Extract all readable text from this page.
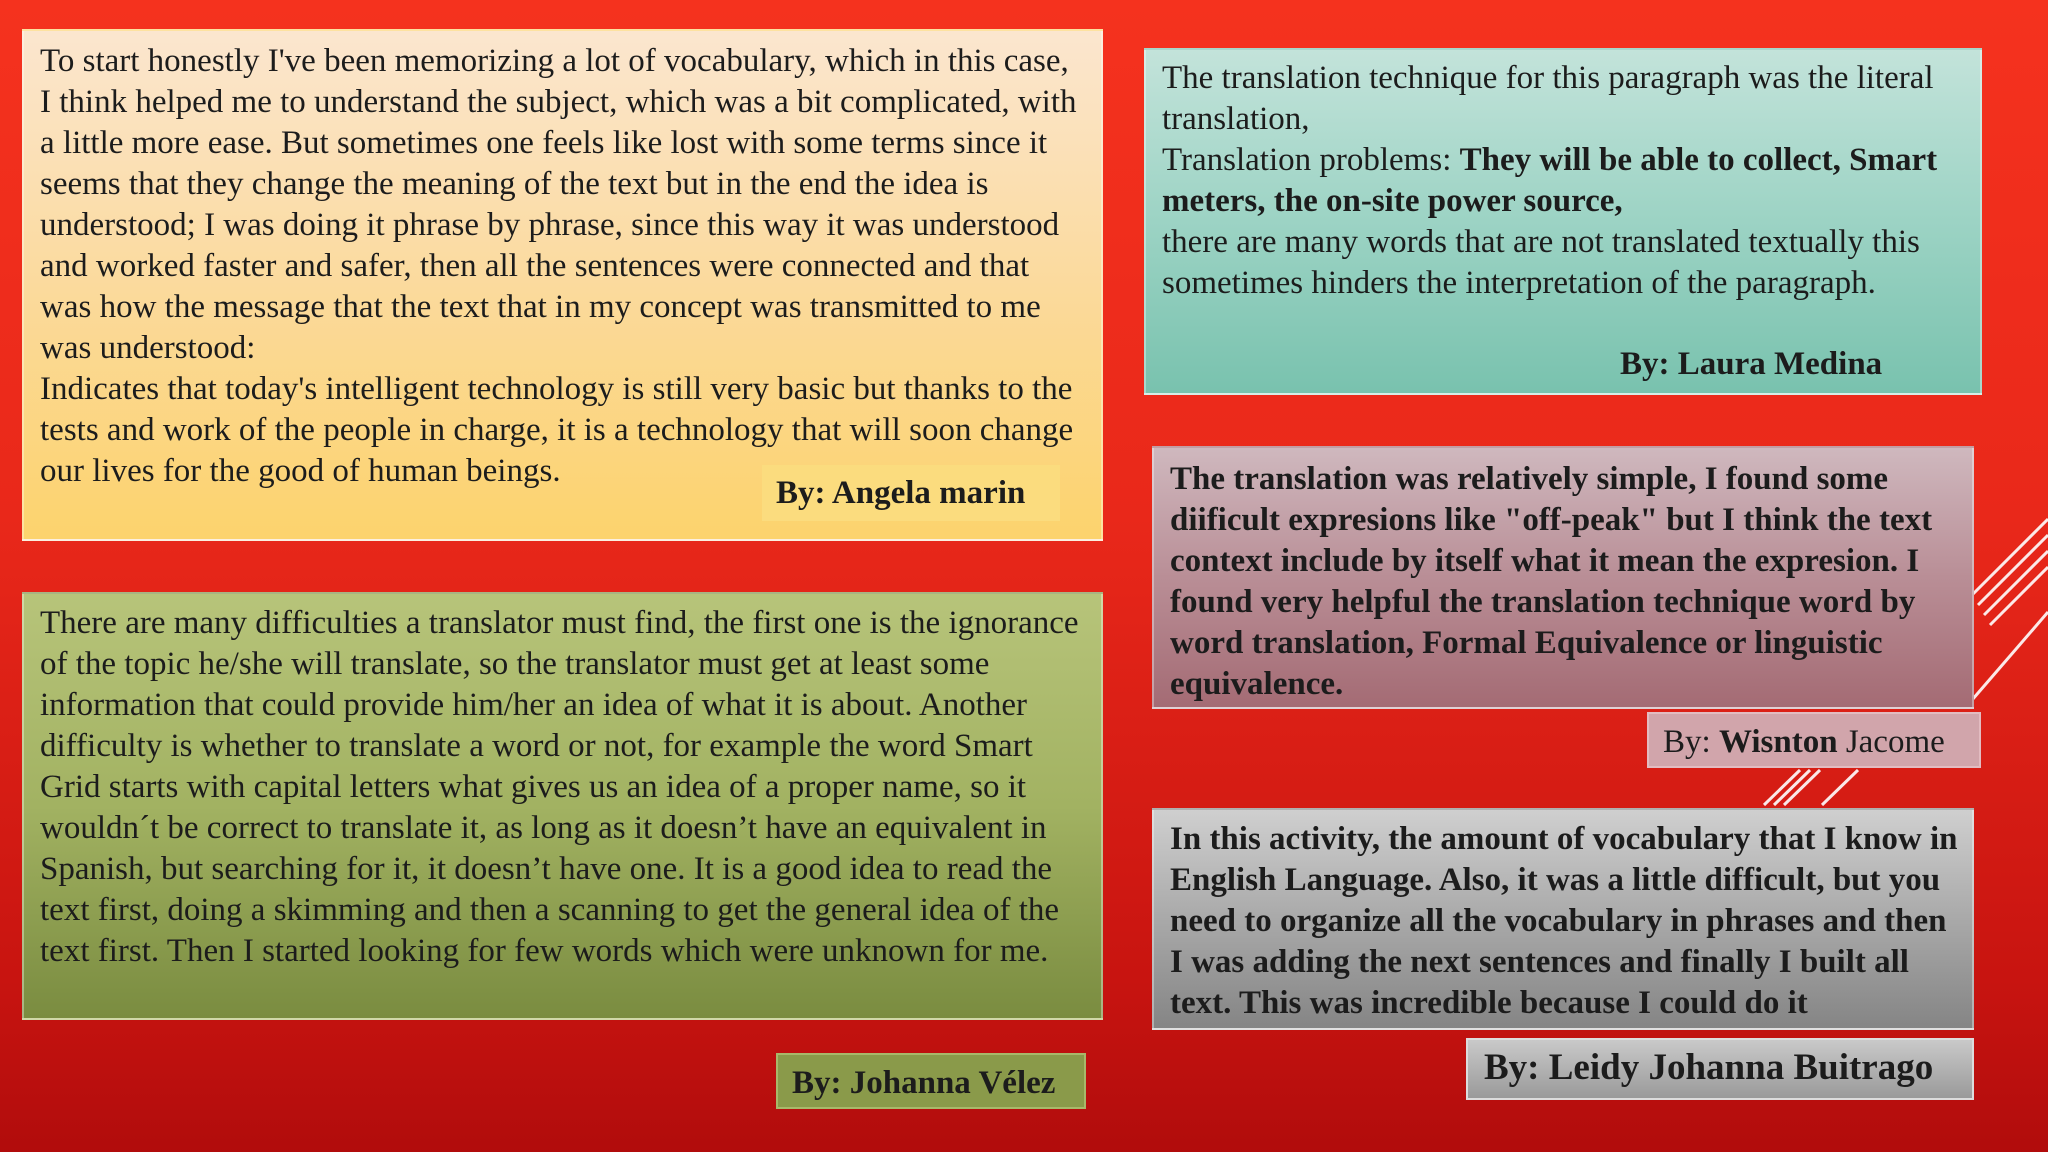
To start honestly I've been memorizing a lot of vocabulary, which in this case, I think helped me to understand the subject, which was a bit complicated, with a little more ease. But sometimes one feels like lost with some terms since it seems that they change the meaning of the text but in the end the idea is understood; I was doing it phrase by phrase, since this way it was understood and worked faster and safer, then all the sentences were connected and that was how the message that the text that in my concept was transmitted to me was understood:

Indicates that today's intelligent technology is still very basic but thanks to the tests and work of the people in charge, it is a technology that will soon change our lives for the good of human beings.

By: Angela marin

The translation technique for this paragraph was the literal translation,

Translation problems: They will be able to collect, Smart meters, the on-site power source,

there are many words that are not translated textually this sometimes hinders the interpretation of the paragraph.

By: Laura Medina

There are many difficulties a translator must find, the first one is the ignorance of the topic he/she will translate, so the translator must get at least some information that could provide him/her an idea of what it is about. Another difficulty is whether to translate a word or not, for example the word Smart Grid starts with capital letters what gives us an idea of a proper name, so it wouldn´t be correct to translate it, as long as it doesn’t have an equivalent in Spanish, but searching for it, it doesn’t have one. It is a good idea to read the text first, doing a skimming and then a scanning to get the general idea of the text first. Then I started looking for few words which were unknown for me.

By: Johanna Vélez

The translation was relatively simple, I found some diificult expresions like "off-peak" but I think the text context include by itself what it mean the expresion. I found very helpful the translation technique word by word translation, Formal Equivalence or linguistic equivalence.

By: Wisnton Jacome

In this activity, the amount of vocabulary that I know in English Language. Also, it was a little difficult, but you need to organize all the vocabulary in phrases and then I was adding the next sentences and finally I built all text. This was incredible because I could do it

By: Leidy Johanna Buitrago
